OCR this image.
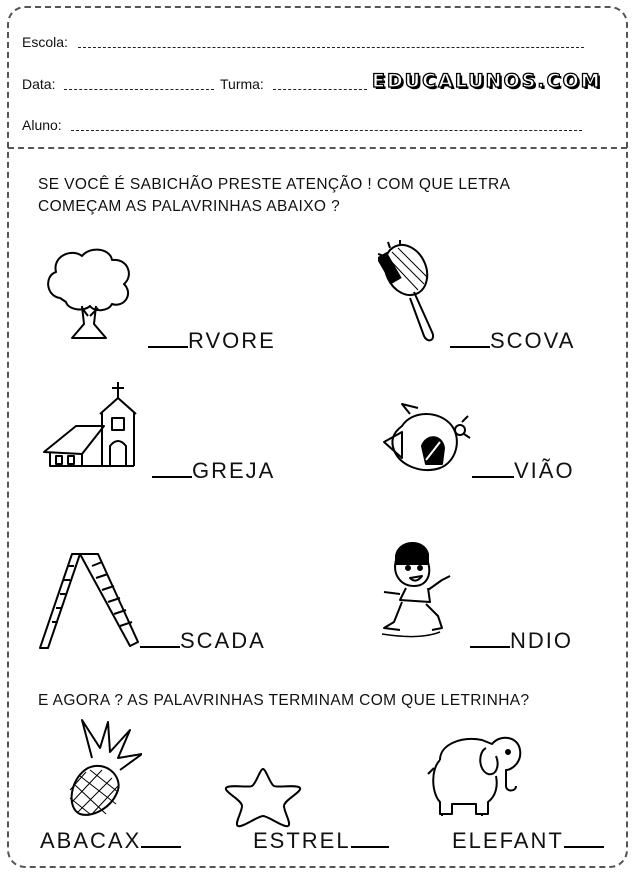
Escola:
Data:	Turma:	EDUCALUNOS.COM
Aluno:
SE VOCÊ É SABICHÃO PRESTE ATENÇÃO ! COM QUE LETRA
COMEÇAM AS PALAVRINHAS ABAIXO ?
RVORE	SCOVA
GREJA	VIÃO
SCADA	NDIO
E AGORA ? AS PALAVRINHAS TERMINAM COM QUE LETRINHA?
ABACAX	ESTREL	ELEFANT
